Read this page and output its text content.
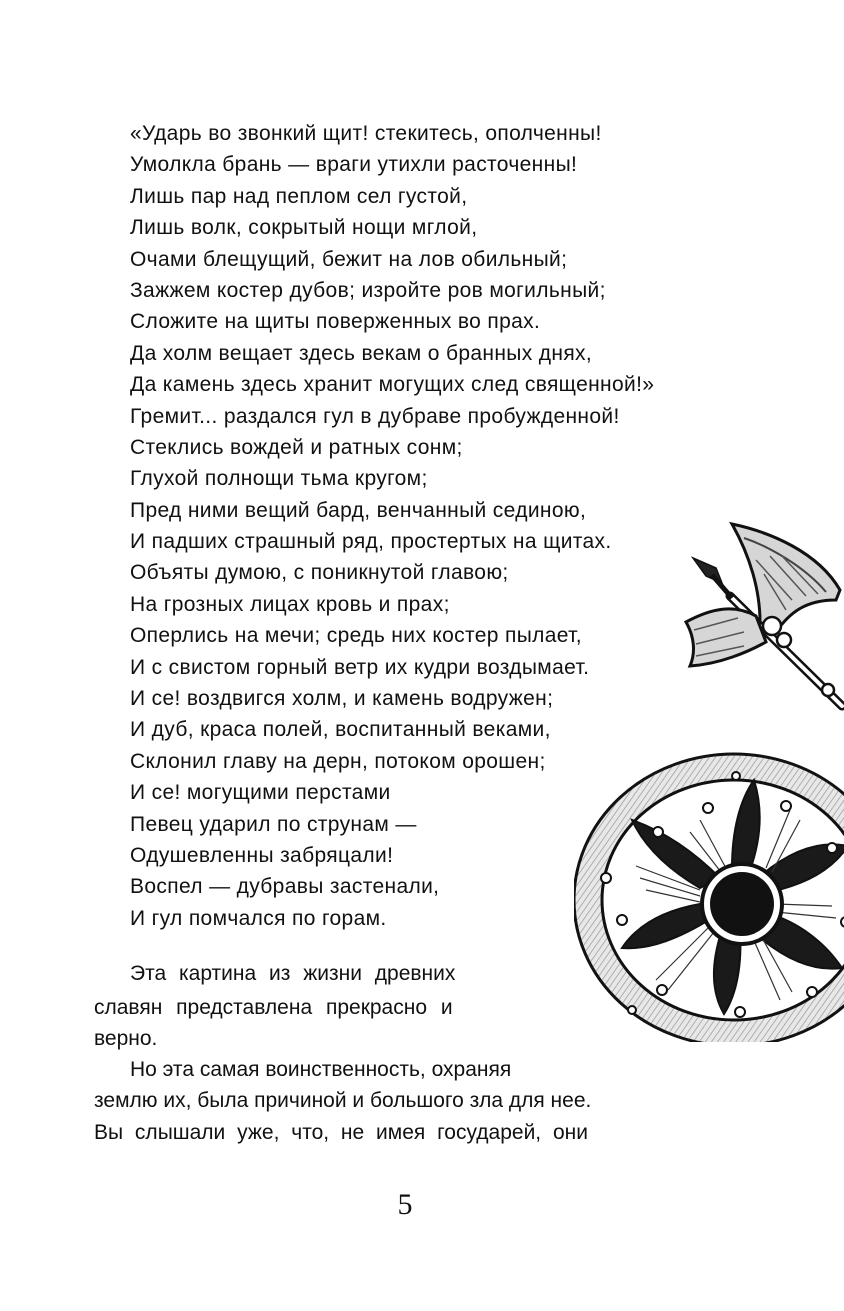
«Ударь во звонкий щит! стекитесь, ополченны!
Умолкла брань — враги утихли расточенны!
Лишь пар над пеплом сел густой,
Лишь волк, сокрытый нощи мглой,
Очами блещущий, бежит на лов обильный;
Зажжем костер дубов; изройте ров могильный;
Сложите на щиты поверженных во прах.
Да холм вещает здесь векам о бранных днях,
Да камень здесь хранит могущих след священной!»
Гремит... раздался гул в дубраве пробужденной!
Стеклись вождей и ратных сонм;
Глухой полнощи тьма кругом;
Пред ними вещий бард, венчанный сединою,
И падших страшный ряд, простертых на щитах.
Объяты думою, с поникнутой главою;
На грозных лицах кровь и прах;
Оперлись на мечи; средь них костер пылает,
И с свистом горный ветр их кудри воздымает.
И се! воздвигся холм, и камень водружен;
И дуб, краса полей, воспитанный веками,
Склонил главу на дерн, потоком орошен;
И се! могущими перстами
Певец ударил по струнам —
Одушевленны забряцали!
Воспел — дубравы застенали,
И гул помчался по горам.
Эта картина из жизни древних
славян представлена прекрасно и
верно.
Но эта самая воинственность, охраняя
землю их, была причиной и большого зла для нее.
Вы слышали уже, что, не имея государей, они
5
